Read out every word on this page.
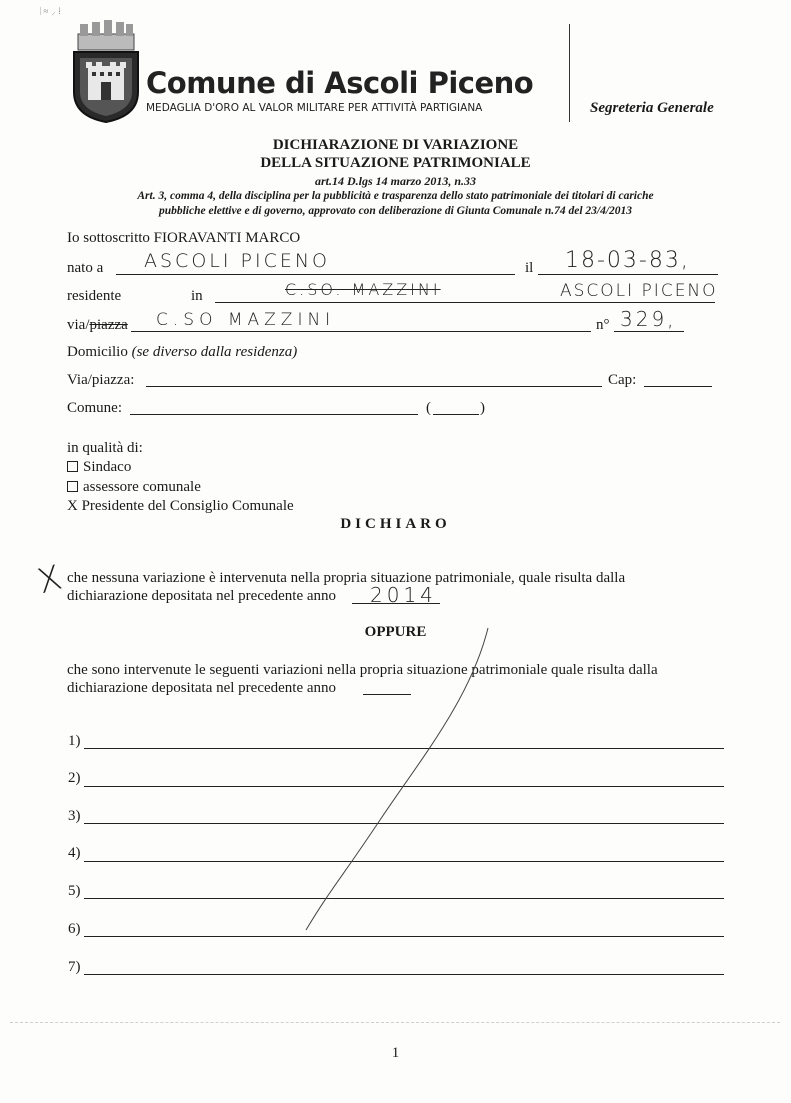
ᛁ≈ ⸝ ⁞
Comune di Ascoli Piceno
MEDAGLIA D'ORO AL VALOR MILITARE PER ATTIVITÀ PARTIGIANA	Segreteria Generale
DICHIARAZIONE DI VARIAZIONE
DELLA SITUAZIONE PATRIMONIALE
art.14 D.lgs 14 marzo 2013, n.33
Art. 3, comma 4, della disciplina per la pubblicità e trasparenza dello stato patrimoniale dei titolari di cariche
pubbliche elettive e di governo, approvato con deliberazione di Giunta Comunale n.74 del 23/4/2013
Io sottoscritto FIORAVANTI MARCO
nato a ASCOLI PICENO	il 18-03-83,
residente	in	C.SO. MAZZINI	ASCOLI PICENO
via/piazza C.SO MAZZINI	n° 329,
Domicilio (se diverso dalla residenza)
Via/piazza:	Cap:
Comune:	(	)
in qualità di:
Sindaco
assessore comunale
X Presidente del Consiglio Comunale
DICHIARO
X che nessuna variazione è intervenuta nella propria situazione patrimoniale, quale risulta dalla
dichiarazione depositata nel precedente anno 2014
OPPURE
che sono intervenute le seguenti variazioni nella propria situazione patrimoniale quale risulta dalla
dichiarazione depositata nel precedente anno
1)
2)
3)
4)
5)
6)
7)
1
